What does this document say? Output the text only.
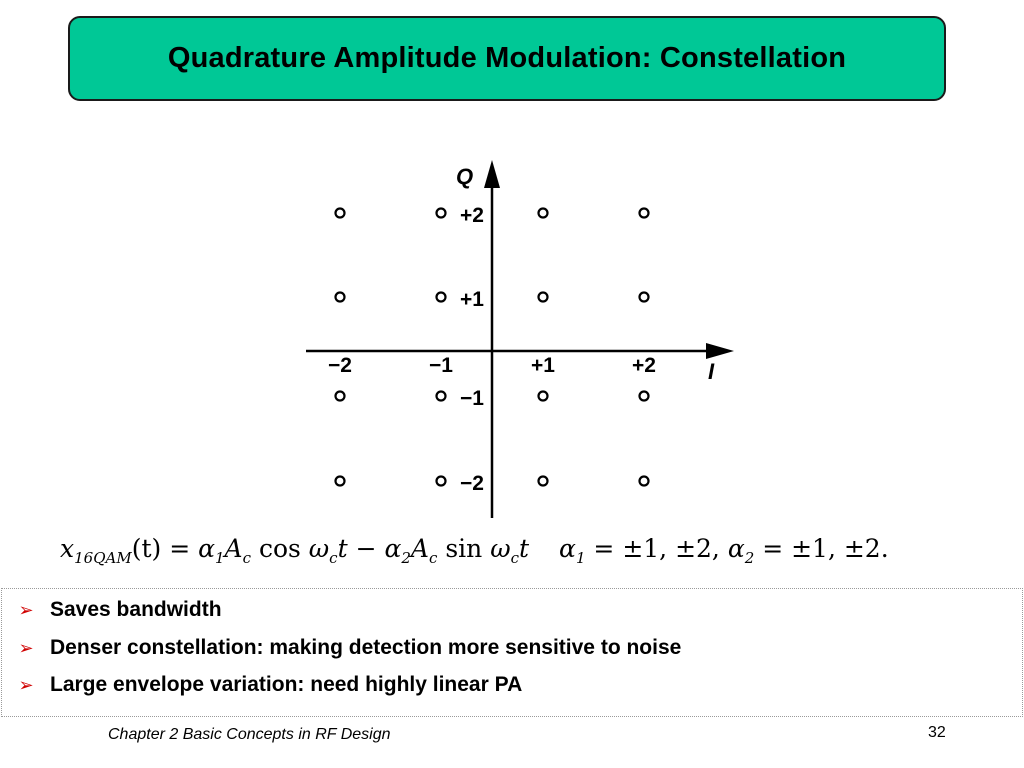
Quadrature Amplitude Modulation: Constellation
Q
I
−2	−1	+1	+2
+2
+1
−1
−2
$x_{16QAM}(t) = \alpha_1A_c$ $\cos \omega_ct - \alpha_2A_c$ $\sin \omega_ct$ $\alpha_1 = \pm 1$, ±2, $\alpha_2 = \pm 1$, ±2.
➢ Saves bandwidth
➢ Denser constellation: making detection more sensitive to noise
➢ Large envelope variation: need highly linear PA
Chapter 2 Basic Concepts in RF Design	32
